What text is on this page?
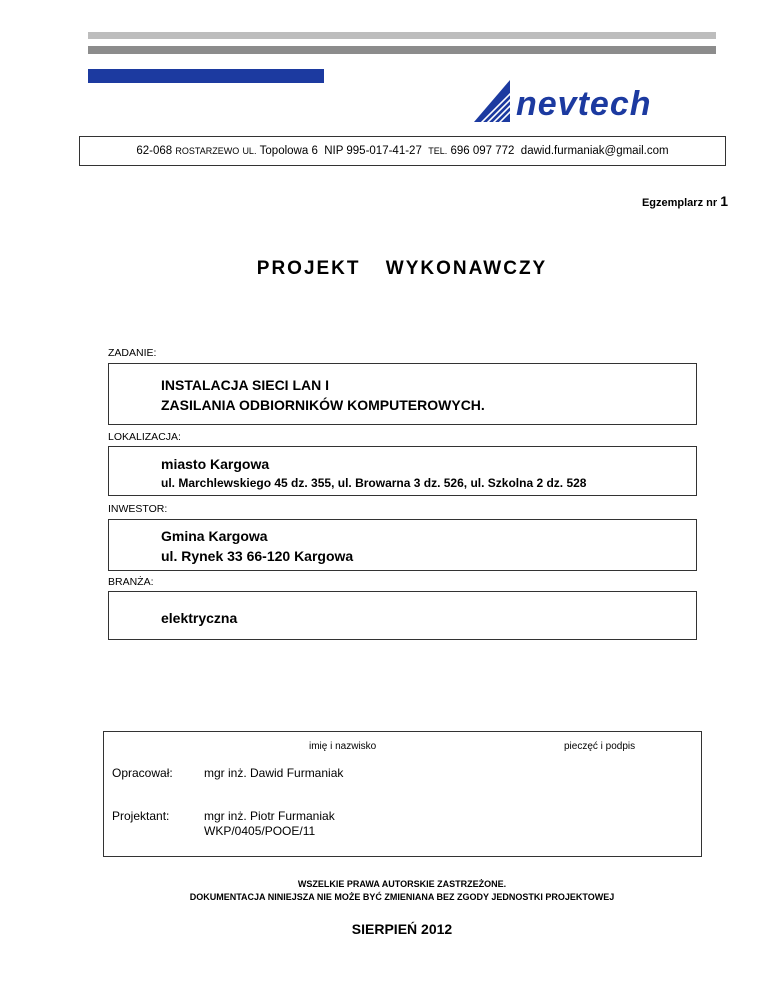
nevtech
62-068
ROSTARZEWO
UL.
Topolowa 6
NIP 995-017-41-27
TEL.
696 097 772
dawid.furmaniak@gmail.com
Egzemplarz nr 1
PROJEKT WYKONAWCZY
ZADANIE:
INSTALACJA SIECI LAN I
ZASILANIA ODBIORNIKÓW KOMPUTEROWYCH.
LOKALIZACJA:
miasto Kargowa
ul. Marchlewskiego 45 dz. 355, ul. Browarna 3 dz. 526, ul. Szkolna 2 dz. 528
INWESTOR:
Gmina Kargowa
ul. Rynek 33 66-120 Kargowa
BRANŻA:
elektryczna
imię i nazwisko	pieczęć i podpis
Opracował:	mgr inż. Dawid Furmaniak
Projektant:	mgr inż. Piotr Furmaniak
WKP/0405/POOE/11
WSZELKIE PRAWA AUTORSKIE ZASTRZEŻONE.
DOKUMENTACJA NINIEJSZA NIE MOŻE BYĆ ZMIENIANA BEZ ZGODY JEDNOSTKI PROJEKTOWEJ
SIERPIEŃ 2012
